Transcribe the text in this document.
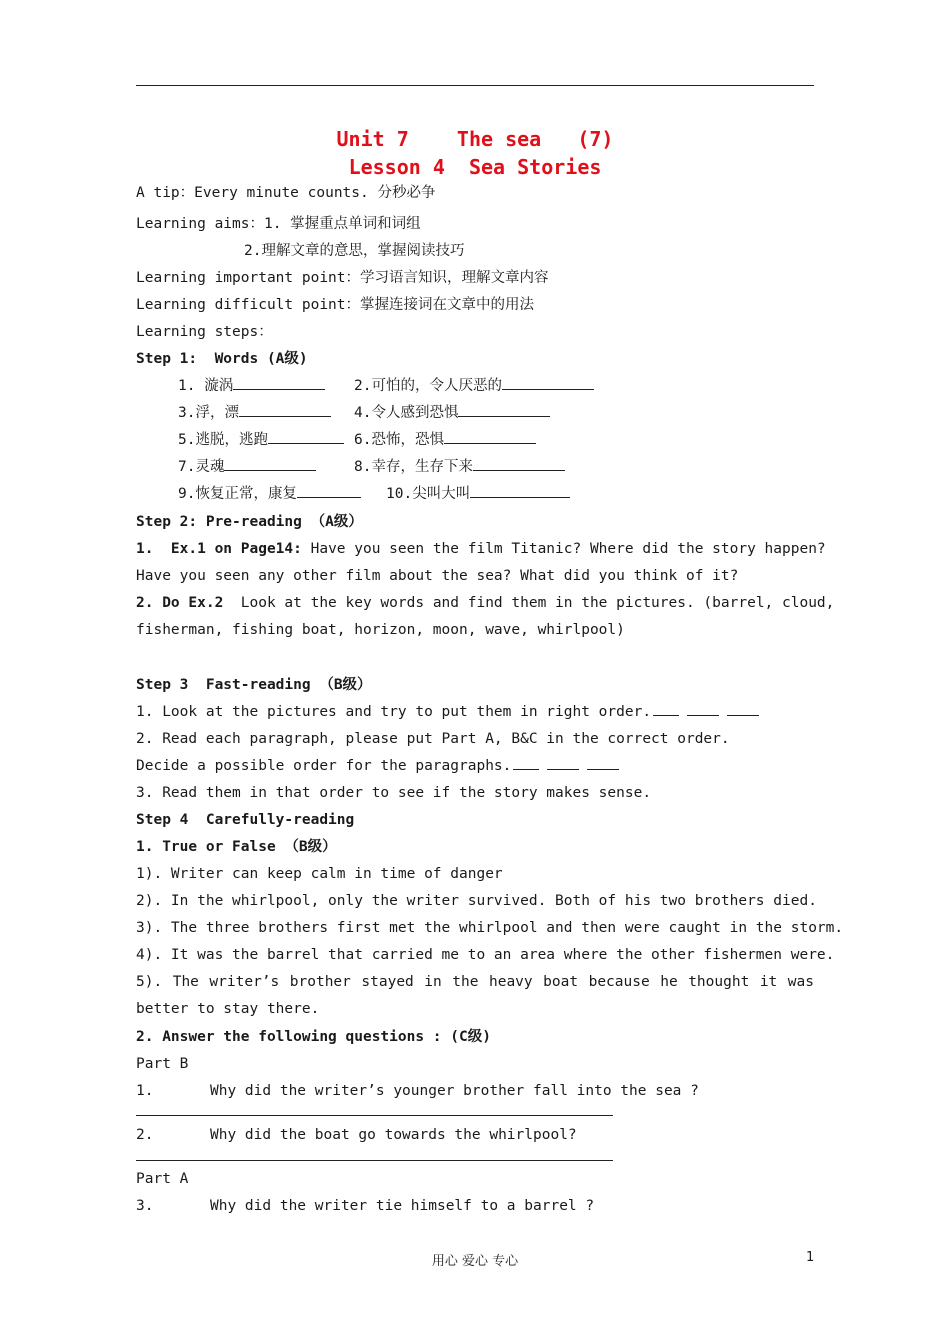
Unit 7    The sea   (7)
Lesson 4  Sea Stories
A tip：Every minute counts. 分秒必争
Learning aims：1. 掌握重点单词和词组
2.理解文章的意思，掌握阅读技巧
Learning important point：学习语言知识，理解文章内容
Learning difficult point：掌握连接词在文章中的用法
Learning steps：
Step 1:  Words (A级)
1. 漩涡	2.可怕的，令人厌恶的
3.浮，漂	4.令人感到恐惧
5.逃脱，逃跑	6.恐怖，恐惧
7.灵魂	8.幸存，生存下来
9.恢复正常，康复	10.尖叫大叫
Step 2: Pre-reading （A级）
1.  Ex.1 on Page14: Have you seen the film Titanic? Where did the story happen?
Have you seen any other film about the sea? What did you think of it?
2. Do Ex.2  Look at the key words and find them in the pictures. (barrel, cloud,
fisherman, fishing boat, horizon, moon, wave, whirlpool)
Step 3  Fast-reading （B级）
1. Look at the pictures and try to put them in right order.
2. Read each paragraph, please put Part A, B&C in the correct order.
Decide a possible order for the paragraphs.
3. Read them in that order to see if the story makes sense.
Step 4  Carefully-reading
1. True or False （B级）
1). Writer can keep calm in time of danger
2). In the whirlpool, only the writer survived. Both of his two brothers died.
3). The three brothers first met the whirlpool and then were caught in the storm.
4). It was the barrel that carried me to an area where the other fishermen were.
5). The writer’s brother stayed in the heavy boat because he thought it was
better to stay there.
2. Answer the following questions : (C级)
Part B
1.	Why did the writer’s younger brother fall into the sea ?
2.	Why did the boat go towards the whirlpool?
Part A
3.	Why did the writer tie himself to a barrel ?
用心 爱心 专心	1
